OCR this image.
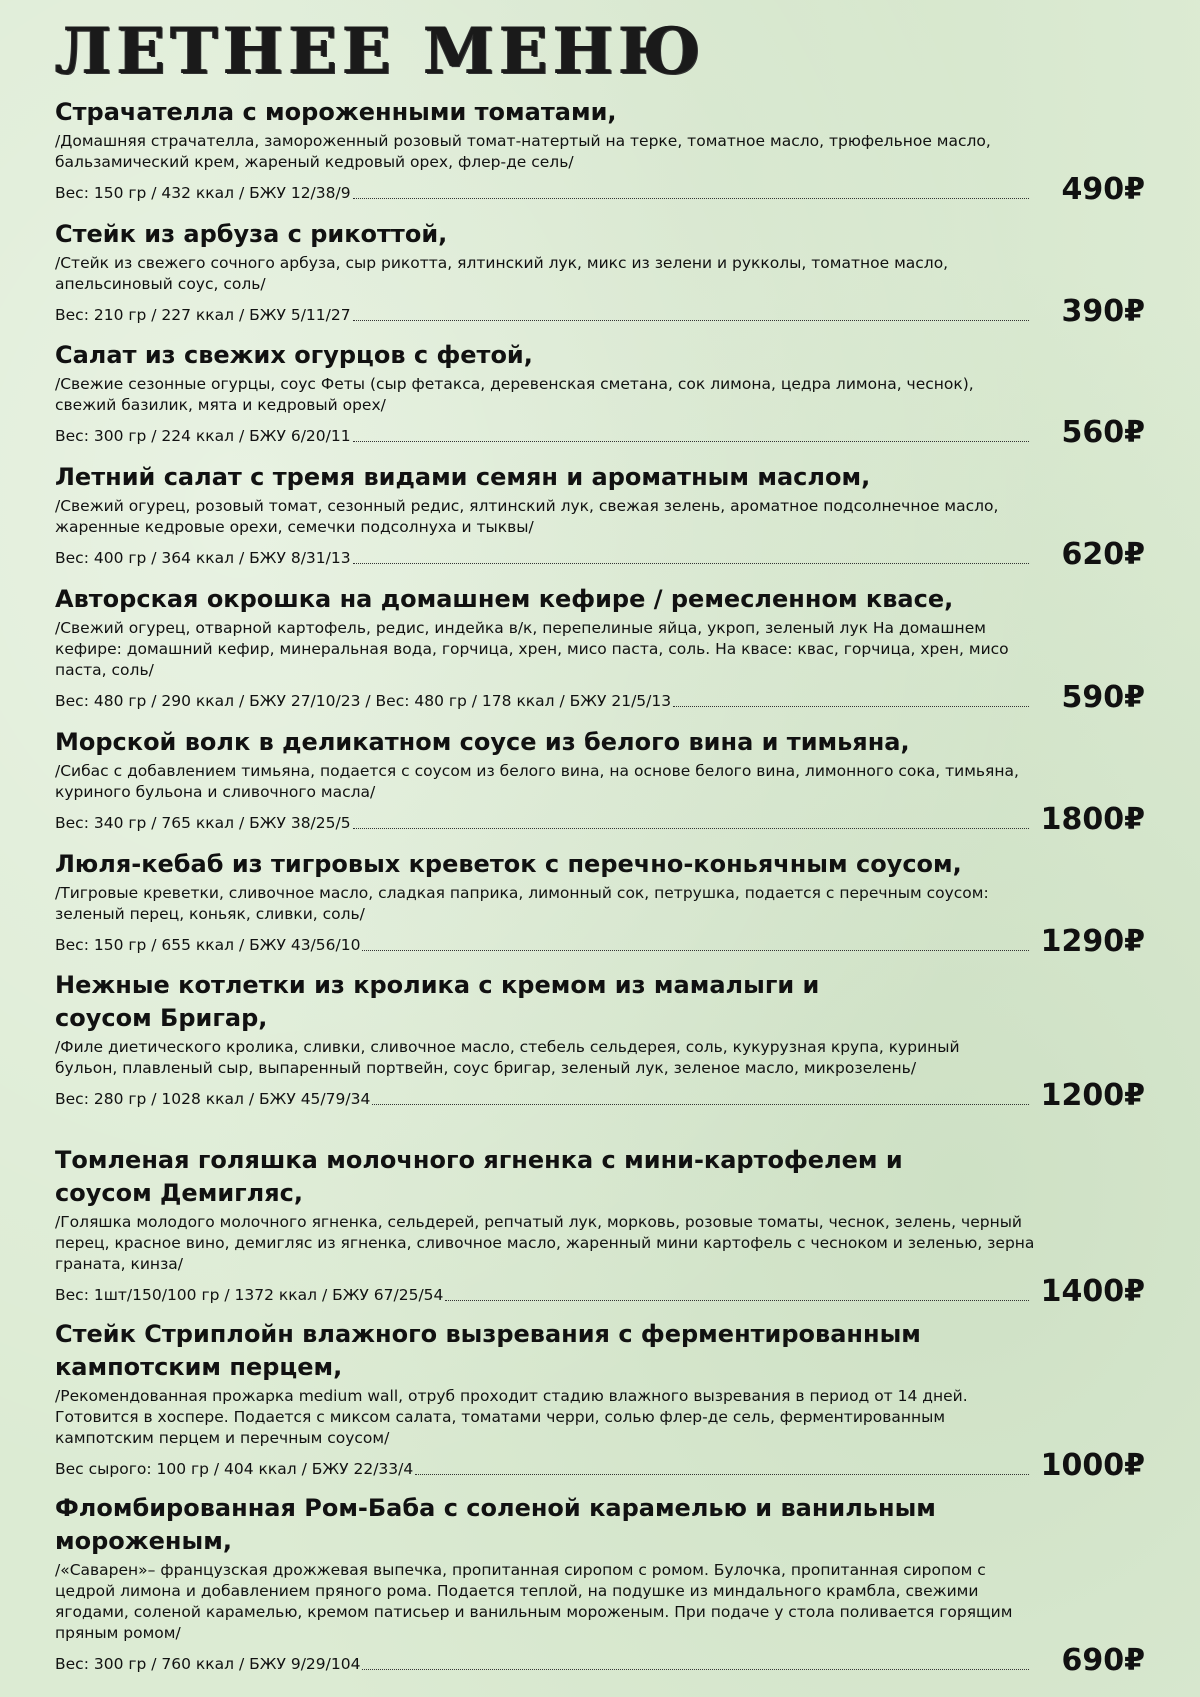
ЛЕТНЕЕ МЕНЮ
Страчателла с мороженными томатами,
/Домашняя страчателла, замороженный розовый томат-натертый на терке, томатное масло, трюфельное масло, бальзамический крем, жареный кедровый орех, флер-де сель/
Вес: 150 гр / 432 ккал / БЖУ 12/38/9	490₽
Стейк из арбуза с рикоттой,
/Стейк из свежего сочного арбуза, сыр рикотта, ялтинский лук, микс из зелени и рукколы, томатное масло, апельсиновый соус, соль/
Вес: 210 гр / 227 ккал / БЖУ 5/11/27	390₽
Салат из свежих огурцов с фетой,
/Свежие сезонные огурцы, соус Феты (сыр фетакса, деревенская сметана, сок лимона, цедра лимона, чеснок), свежий базилик, мята и кедровый орех/
Вес: 300 гр / 224 ккал / БЖУ 6/20/11	560₽
Летний салат с тремя видами семян и ароматным маслом,
/Свежий огурец, розовый томат, сезонный редис, ялтинский лук, свежая зелень, ароматное подсолнечное масло, жаренные кедровые орехи, семечки подсолнуха и тыквы/
Вес: 400 гр / 364 ккал / БЖУ 8/31/13	620₽
Авторская окрошка на домашнем кефире / ремесленном квасе,
/Свежий огурец, отварной картофель, редис, индейка в/к, перепелиные яйца, укроп, зеленый лук На домашнем кефире: домашний кефир, минеральная вода, горчица, хрен, мисо паста, соль. На квасе: квас, горчица, хрен, мисо паста, соль/
Вес: 480 гр / 290 ккал / БЖУ 27/10/23 / Вес: 480 гр / 178 ккал / БЖУ 21/5/13	590₽
Морской волк в деликатном соусе из белого вина и тимьяна,
/Сибас с добавлением тимьяна, подается с соусом из белого вина, на основе белого вина, лимонного сока, тимьяна, куриного бульона и сливочного масла/
Вес: 340 гр / 765 ккал / БЖУ 38/25/5	1800₽
Люля-кебаб из тигровых креветок с перечно-коньячным соусом,
/Тигровые креветки, сливочное масло, сладкая паприка, лимонный сок, петрушка, подается с перечным соусом: зеленый перец, коньяк, сливки, соль/
Вес: 150 гр / 655 ккал / БЖУ 43/56/10	1290₽
Нежные котлетки из кролика с кремом из мамалыги и соусом Бригар,
/Филе диетического кролика, сливки, сливочное масло, стебель сельдерея, соль, кукурузная крупа, куриный бульон, плавленый сыр, выпаренный портвейн, соус бригар, зеленый лук, зеленое масло, микрозелень/
Вес: 280 гр / 1028 ккал / БЖУ 45/79/34	1200₽
Томленая голяшка молочного ягненка с мини-картофелем и соусом Демигляс,
/Голяшка молодого молочного ягненка, сельдерей, репчатый лук, морковь, розовые томаты, чеснок, зелень, черный перец, красное вино, демигляс из ягненка, сливочное масло, жаренный мини картофель с чесноком и зеленью, зерна граната, кинза/
Вес: 1шт/150/100 гр / 1372 ккал / БЖУ 67/25/54	1400₽
Стейк Стриплойн влажного вызревания с ферментированным кампотским перцем,
/Рекомендованная прожарка medium wall, отруб проходит стадию влажного вызревания в период от 14 дней. Готовится в хоспере. Подается с миксом салата, томатами черри, солью флер-де сель, ферментированным кампотским перцем и перечным соусом/
Вес сырого: 100 гр / 404 ккал / БЖУ 22/33/4	1000₽
Фломбированная Ром-Баба с соленой карамелью и ванильным мороженым,
/«Саварен»– французская дрожжевая выпечка, пропитанная сиропом с ромом. Булочка, пропитанная сиропом с цедрой лимона и добавлением пряного рома. Подается теплой, на подушке из миндального крамбла, свежими ягодами, соленой карамелью, кремом патисьер и ванильным мороженым. При подаче у стола поливается горящим пряным ромом/
Вес: 300 гр / 760 ккал / БЖУ 9/29/104	690₽
